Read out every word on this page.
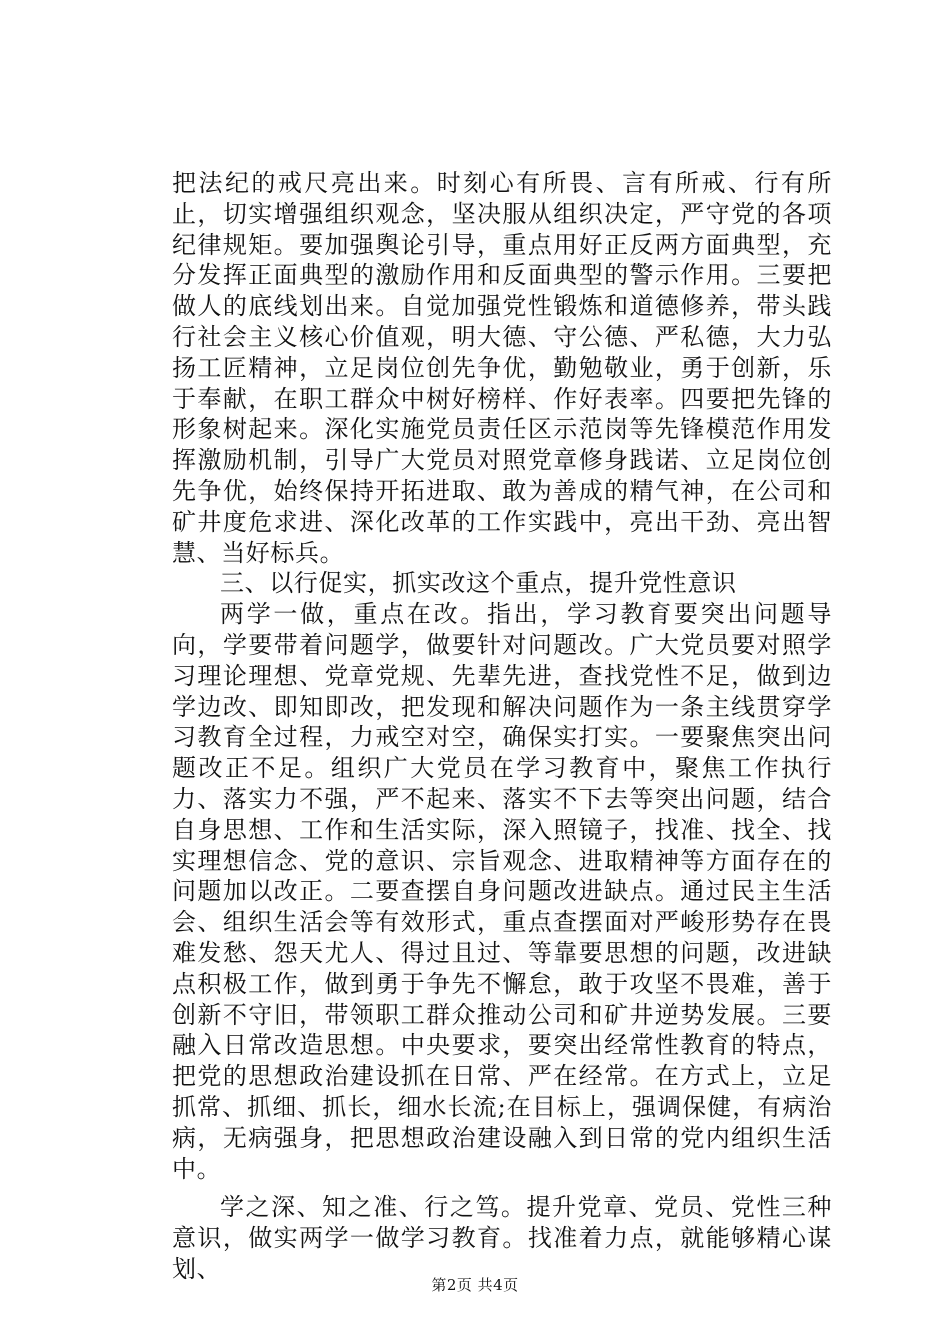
把法纪的戒尺亮出来。时刻心有所畏、言有所戒、行有所止，切实增强组织观念，坚决服从组织决定，严守党的各项纪律规矩。要加强舆论引导，重点用好正反两方面典型，充分发挥正面典型的激励作用和反面典型的警示作用。三要把做人的底线划出来。自觉加强党性锻炼和道德修养，带头践行社会主义核心价值观，明大德、守公德、严私德，大力弘扬工匠精神，立足岗位创先争优，勤勉敬业，勇于创新，乐于奉献，在职工群众中树好榜样、作好表率。四要把先锋的形象树起来。深化实施党员责任区示范岗等先锋模范作用发挥激励机制，引导广大党员对照党章修身践诺、立足岗位创先争优，始终保持开拓进取、敢为善成的精气神，在公司和矿井度危求进、深化改革的工作实践中，亮出干劲、亮出智慧、当好标兵。

三、以行促实，抓实改这个重点，提升党性意识

两学一做，重点在改。指出，学习教育要突出问题导向，学要带着问题学，做要针对问题改。广大党员要对照学习理论理想、党章党规、先辈先进，查找党性不足，做到边学边改、即知即改，把发现和解决问题作为一条主线贯穿学习教育全过程，力戒空对空，确保实打实。一要聚焦突出问题改正不足。组织广大党员在学习教育中，聚焦工作执行力、落实力不强，严不起来、落实不下去等突出问题，结合自身思想、工作和生活实际，深入照镜子，找准、找全、找实理想信念、党的意识、宗旨观念、进取精神等方面存在的问题加以改正。二要查摆自身问题改进缺点。通过民主生活会、组织生活会等有效形式，重点查摆面对严峻形势存在畏难发愁、怨天尤人、得过且过、等靠要思想的问题，改进缺点积极工作，做到勇于争先不懈怠，敢于攻坚不畏难，善于创新不守旧，带领职工群众推动公司和矿井逆势发展。三要融入日常改造思想。中央要求，要突出经常性教育的特点，把党的思想政治建设抓在日常、严在经常。在方式上，立足抓常、抓细、抓长，细水长流;在目标上，强调保健，有病治病，无病强身，把思想政治建设融入到日常的党内组织生活中。

学之深、知之准、行之笃。提升党章、党员、党性三种意识，做实两学一做学习教育。找准着力点，就能够精心谋划、

第2页 共4页
